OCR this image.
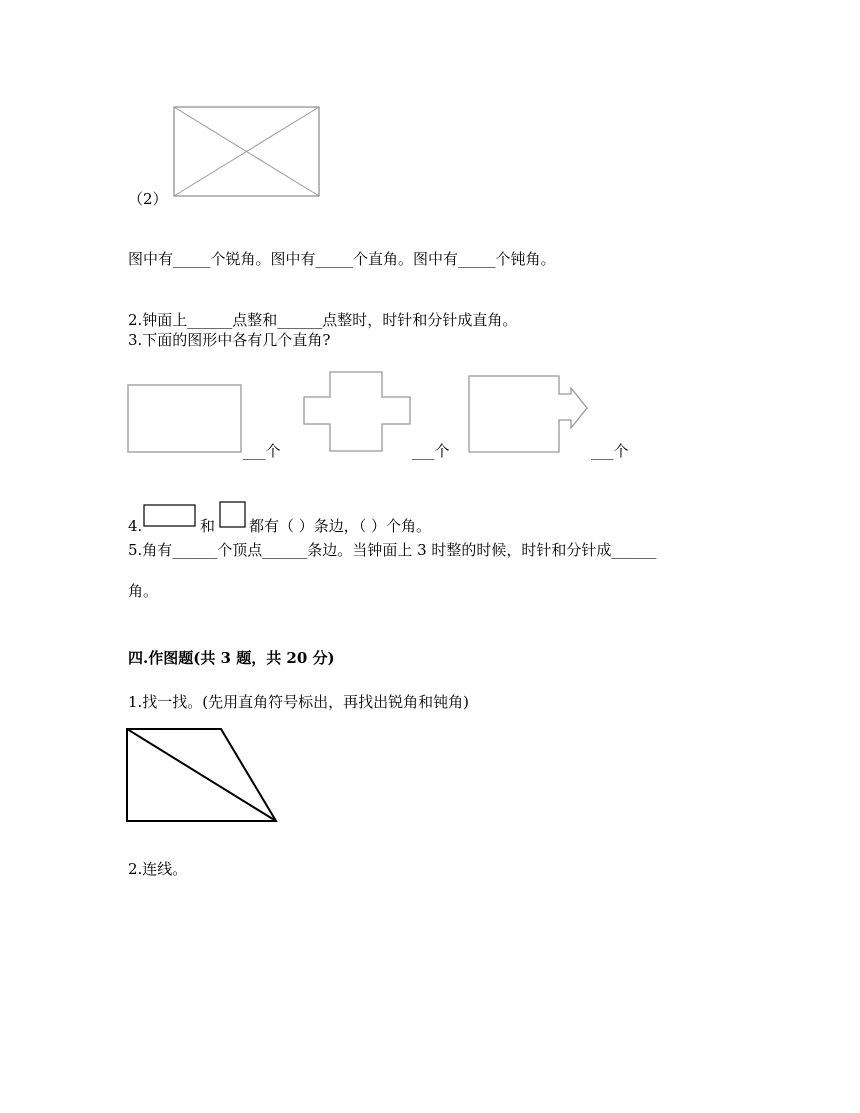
（2）
图中有_____个锐角。图中有_____个直角。图中有_____个钝角。
2.钟面上______点整和______点整时，时针和分针成直角。
3.下面的图形中各有几个直角?
___个	___个	___个
4.	和 都有（ ）条边，（ ）个角。
5.角有______个顶点______条边。当钟面上 3 时整的时候，时针和分针成______
角。
四.作图题(共 3 题，共 20 分)
1.找一找。(先用直角符号标出，再找出锐角和钝角)
2.连线。
